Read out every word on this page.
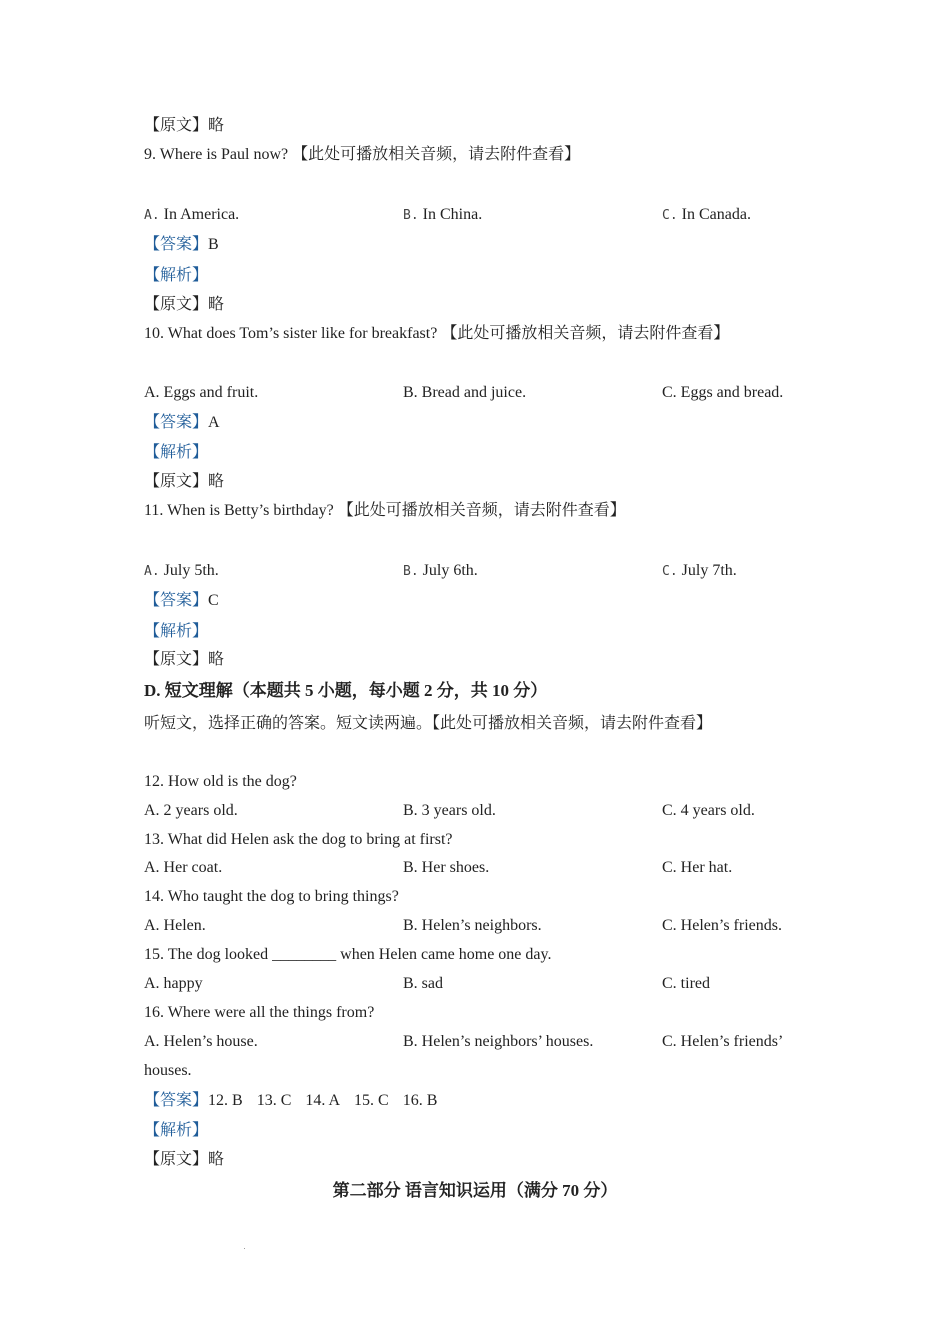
【原文】略
9. Where is Paul now? 【此处可播放相关音频，请去附件查看】
A. In America.	B. In China.	C. In Canada.
【答案】B
【解析】
【原文】略
10. What does Tom’s sister like for breakfast? 【此处可播放相关音频，请去附件查看】
A. Eggs and fruit.	B. Bread and juice.	C. Eggs and bread.
【答案】A
【解析】
【原文】略
11. When is Betty’s birthday? 【此处可播放相关音频，请去附件查看】
A. July 5th.	B. July 6th.	C. July 7th.
【答案】C
【解析】
【原文】略
D. 短文理解（本题共 5 小题，每小题 2 分，共 10 分）
听短文，选择正确的答案。短文读两遍。【此处可播放相关音频，请去附件查看】
12. How old is the dog?
A. 2 years old.	B. 3 years old.	C. 4 years old.
13. What did Helen ask the dog to bring at first?
A. Her coat.	B. Her shoes.	C. Her hat.
14. Who taught the dog to bring things?
A. Helen.	B. Helen’s neighbors.	C. Helen’s friends.
15. The dog looked ________ when Helen came home one day.
A. happy	B. sad	C. tired
16. Where were all the things from?
A. Helen’s house.	B. Helen’s neighbors’ houses.	C. Helen’s friends’
houses.
【答案】12. B 13. C 14. A 15. C 16. B
【解析】
【原文】略
第二部分 语言知识运用（满分 70 分）
